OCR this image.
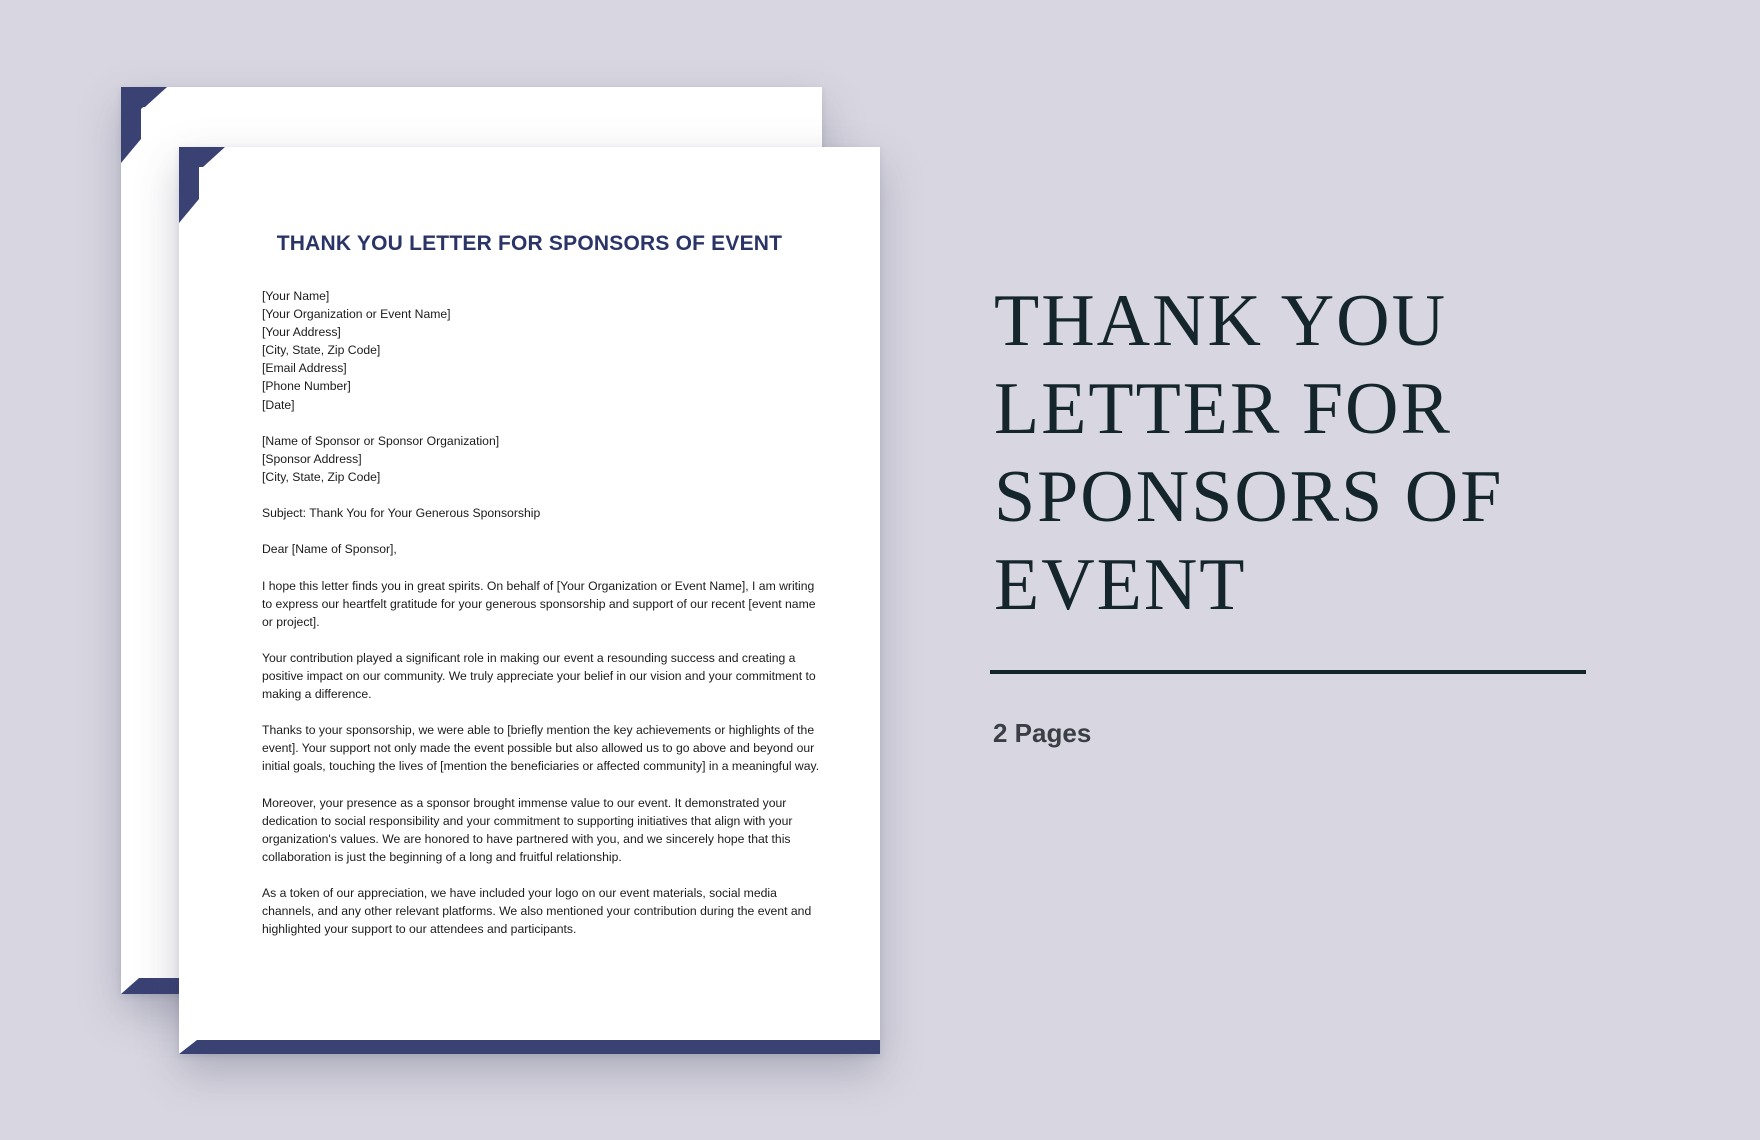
THANK YOU LETTER FOR SPONSORS OF EVENT
[Your Name]
[Your Organization or Event Name]
[Your Address]
[City, State, Zip Code]
[Email Address]
[Phone Number]
[Date]
[Name of Sponsor or Sponsor Organization]
[Sponsor Address]
[City, State, Zip Code]
Subject: Thank You for Your Generous Sponsorship
Dear [Name of Sponsor],

I hope this letter finds you in great spirits. On behalf of [Your Organization or Event Name], I am writing to express our heartfelt gratitude for your generous sponsorship and support of our recent [event name or project].

Your contribution played a significant role in making our event a resounding success and creating a positive impact on our community. We truly appreciate your belief in our vision and your commitment to making a difference.

Thanks to your sponsorship, we were able to [briefly mention the key achievements or highlights of the event]. Your support not only made the event possible but also allowed us to go above and beyond our initial goals, touching the lives of [mention the beneficiaries or affected community] in a meaningful way.

Moreover, your presence as a sponsor brought immense value to our event. It demonstrated your dedication to social responsibility and your commitment to supporting initiatives that align with your organization's values. We are honored to have partnered with you, and we sincerely hope that this collaboration is just the beginning of a long and fruitful relationship.

As a token of our appreciation, we have included your logo on our event materials, social media channels, and any other relevant platforms. We also mentioned your contribution during the event and highlighted your support to our attendees and participants.

THANK YOU LETTER FOR SPONSORS OF EVENT
2 Pages
